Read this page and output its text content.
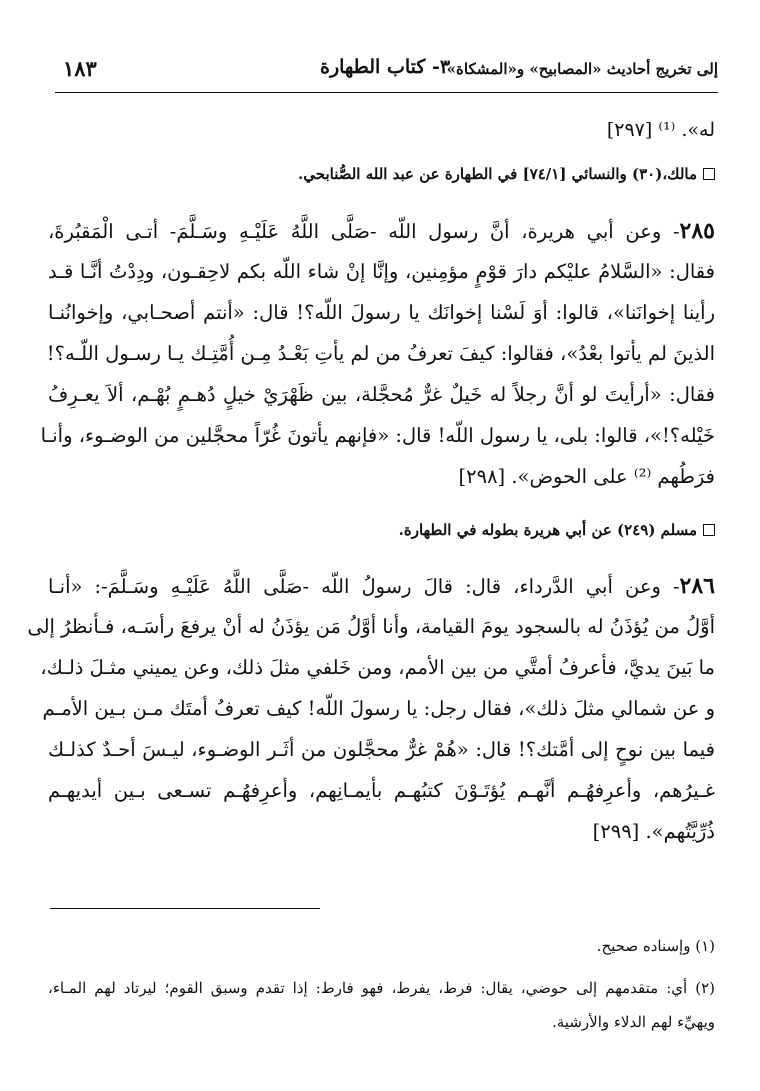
إلى تخريج أحاديث «المصابيح» و«المشكاة»
٣- كتاب الطهارة
١٨٣
له». ⁽¹⁾ [٢٩٧]
مالك،(٣٠) والنسائي [٧٤/١] في الطهارة عن عبد الله الصُّنابحي.
٢٨٥- وعن أبي هريرة، أنَّ رسول اللّه -صَلَّى اللَّهُ عَلَيْـهِ وسَـلَّمَ- أتـى الْمَقبُرةَ،
فقال: «السَّلامُ عليْكم دارَ قوْمٍ مؤمِنين، وإنَّا إنْ شاء اللّه بكم لاحِقـون، ودِدْتُ أنَّـا قـد
رأينا إخوانَنا»، قالوا: أوَ لَسْنا إخوانَك يا رسولَ اللّه؟! قال: «أنتم أصحـابي، وإخوانُنـا
الذينَ لم يأتوا بعْدُ»، فقالوا: كيفَ تعرفُ من لم يأتِ بَعْـدُ مِـن أُمَّتِـك يـا رسـول اللّـه؟!
فقال: «أرأيتَ لو أنَّ رجلاً له خَيلٌ غرٌّ مُحجَّلة، بين ظَهْرَيْ خيلٍ دُهـمٍ بُهْـم، ألاَ يعـرِفُ
خَيْله؟!»، قالوا: بلى، يا رسول اللّه! قال: «فإنهم يأتونَ غُرّاً محجَّلين من الوضـوء، وأنـا
فرَطُهم ⁽²⁾ على الحوض». [٢٩٨]
مسلم (٢٤٩) عن أبي هريرة بطوله في الطهارة.
٢٨٦- وعن أبي الدَّرداء، قال: قالَ رسولُ اللّه -صَلَّى اللَّهُ عَلَيْـهِ وسَـلَّمَ-: «أنـا
أوَّلُ من يُؤذَنُ له بالسجود يومَ القيامة، وأنا أوَّلُ مَن يؤذَنُ له أنْ يرفعَ رأسَـه، فـأنظرُ إلى
ما بَينَ يديَّ، فأعرفُ أمتَّي من بين الأمم، ومن خَلفي مثلَ ذلك، وعن يميني مثـلَ ذلـك،
و عن شمالي مثلَ ذلك»، فقال رجل: يا رسولَ اللّه! كيف تعرفُ أمتَك مـن بـين الأمـم
فيما بين نوحٍ إلى أمَّتك؟! قال: «هُمْ غرٌّ محجَّلون من أثَـر الوضـوء، ليـسَ أحـدٌ كذلـك
غـيرُهم، وأعرِفهُـم أنَّهـم يُؤتَـوْنَ كتبُهـم بأيمـانِهم، وأعرِفهُـم تسـعى بـين أيديهـم
ذُرِّيَّتُهم». [٢٩٩]
(١) وإسناده صحيح.
(٢) أي: متقدمهم إلى حوضي، يقال: فرط، يفرط، فهو فارط: إذا تقدم وسبق القوم؛ ليرتاد لهم المـاء،
ويهيِّء لهم الدلاء والأرشية.
